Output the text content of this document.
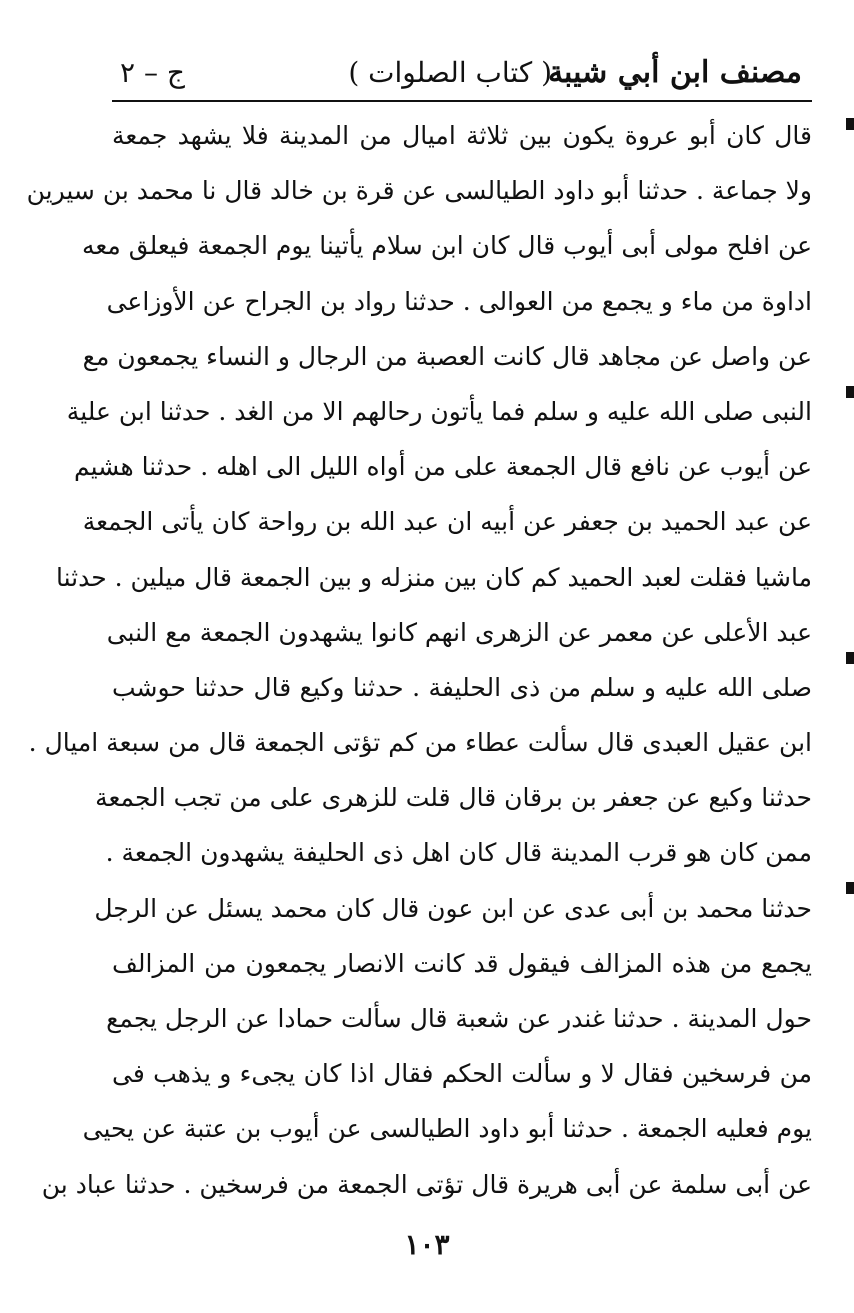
مصنف ابن أبي شيبة
( كتاب الصلوات )
ج – ٢
قال كان أبو عروة يكون بين ثلاثة اميال من المدينة فلا يشهد جمعة
ولا جماعة . حدثنا أبو داود الطيالسى عن قرة بن خالد قال نا محمد بن سيرين
عن افلح مولى أبى أيوب قال كان ابن سلام يأتينا يوم الجمعة فيعلق معه
اداوة من ماء و يجمع من العوالى . حدثنا رواد بن الجراح عن الأوزاعى
عن واصل عن مجاهد قال كانت العصبة من الرجال و النساء يجمعون مع
النبى صلى الله عليه و سلم فما يأتون رحالهم الا من الغد . حدثنا ابن علية
عن أيوب عن نافع قال الجمعة على من أواه الليل الى اهله . حدثنا هشيم
عن عبد الحميد بن جعفر عن أبيه ان عبد الله بن رواحة كان يأتى الجمعة
ماشيا فقلت لعبد الحميد كم كان بين منزله و بين الجمعة قال ميلين . حدثنا
عبد الأعلى عن معمر عن الزهرى انهم كانوا يشهدون الجمعة مع النبى
صلى الله عليه و سلم من ذى الحليفة . حدثنا وكيع قال حدثنا حوشب
ابن عقيل العبدى قال سألت عطاء من كم تؤتى الجمعة قال من سبعة اميال .
حدثنا وكيع عن جعفر بن برقان قال قلت للزهرى على من تجب الجمعة
ممن كان هو قرب المدينة قال كان اهل ذى الحليفة يشهدون الجمعة .
حدثنا محمد بن أبى عدى عن ابن عون قال كان محمد يسئل عن الرجل
يجمع من هذه المزالف فيقول قد كانت الانصار يجمعون من المزالف
حول المدينة . حدثنا غندر عن شعبة قال سألت حمادا عن الرجل يجمع
من فرسخين فقال لا و سألت الحكم فقال اذا كان يجىء و يذهب فى
يوم فعليه الجمعة . حدثنا أبو داود الطيالسى عن أيوب بن عتبة عن يحيى
عن أبى سلمة عن أبى هريرة قال تؤتى الجمعة من فرسخين . حدثنا عباد بن
١٠٣
